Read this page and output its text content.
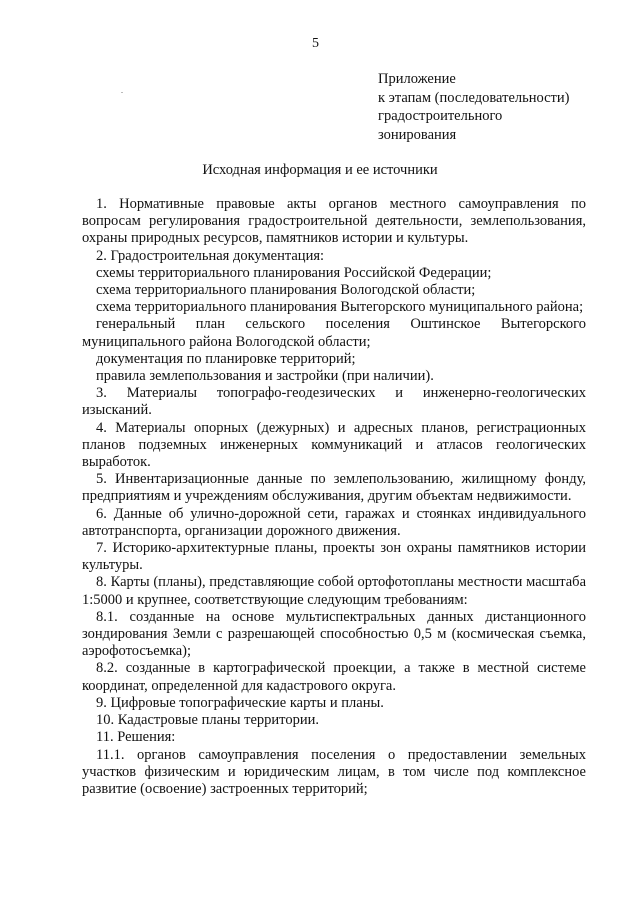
5
Приложение
к этапам (последовательности)
градостроительного
зонирования
Исходная информация и ее источники

1. Нормативные правовые акты органов местного самоуправления по вопросам регулирования градостроительной деятельности, землепользования, охраны природных ресурсов, памятников истории и культуры.

2. Градостроительная документация:

схемы территориального планирования Российской Федерации;

схема территориального планирования Вологодской области;

схема территориального планирования Вытегорского муниципального района;

генеральный план сельского поселения Оштинское Вытегорского муниципального района Вологодской области;

документация по планировке территорий;

правила землепользования и застройки (при наличии).

3. Материалы топографо-геодезических и инженерно-геологических изысканий.

4. Материалы опорных (дежурных) и адресных планов, регистрационных планов подземных инженерных коммуникаций и атласов геологических выработок.

5. Инвентаризационные данные по землепользованию, жилищному фонду, предприятиям и учреждениям обслуживания, другим объектам недвижимости.

6. Данные об улично-дорожной сети, гаражах и стоянках индивидуального автотранспорта, организации дорожного движения.

7. Историко-архитектурные планы, проекты зон охраны памятников истории культуры.

8. Карты (планы), представляющие собой ортофотопланы местности масштаба 1:5000 и крупнее, соответствующие следующим требованиям:

8.1. созданные на основе мультиспектральных данных дистанционного зондирования Земли с разрешающей способностью 0,5 м (космическая съемка, аэрофотосъемка);

8.2. созданные в картографической проекции, а также в местной системе координат, определенной для кадастрового округа.

9. Цифровые топографические карты и планы.

10. Кадастровые планы территории.

11. Решения:

11.1. органов самоуправления поселения о предоставлении земельных участков физическим и юридическим лицам, в том числе под комплексное развитие (освоение) застроенных территорий;
